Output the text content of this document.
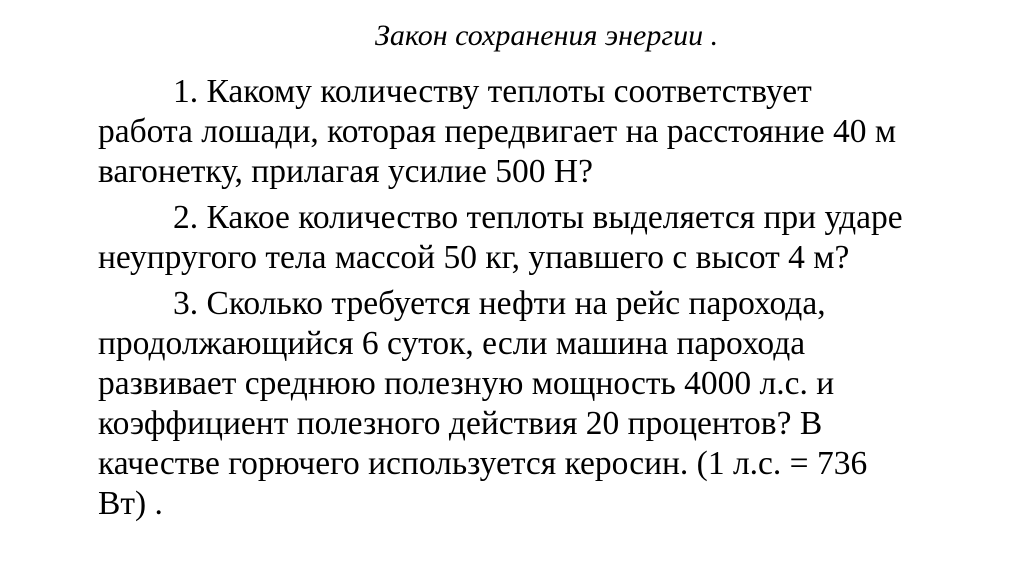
Закон сохранения энергии .
1. Какому количеству теплоты соответствует
работа лошади, которая передвигает на расстояние 40 м
вагонетку, прилагая усилие 500 Н?
2. Какое количество теплоты выделяется при ударе
неупругого тела массой 50 кг, упавшего с высот 4 м?
3. Сколько требуется нефти на рейс парохода,
продолжающийся 6 суток, если машина парохода
развивает среднюю полезную мощность 4000 л.с. и
коэффициент полезного действия 20 процентов? В
качестве горючего используется керосин. (1 л.с. = 736
Вт) .
